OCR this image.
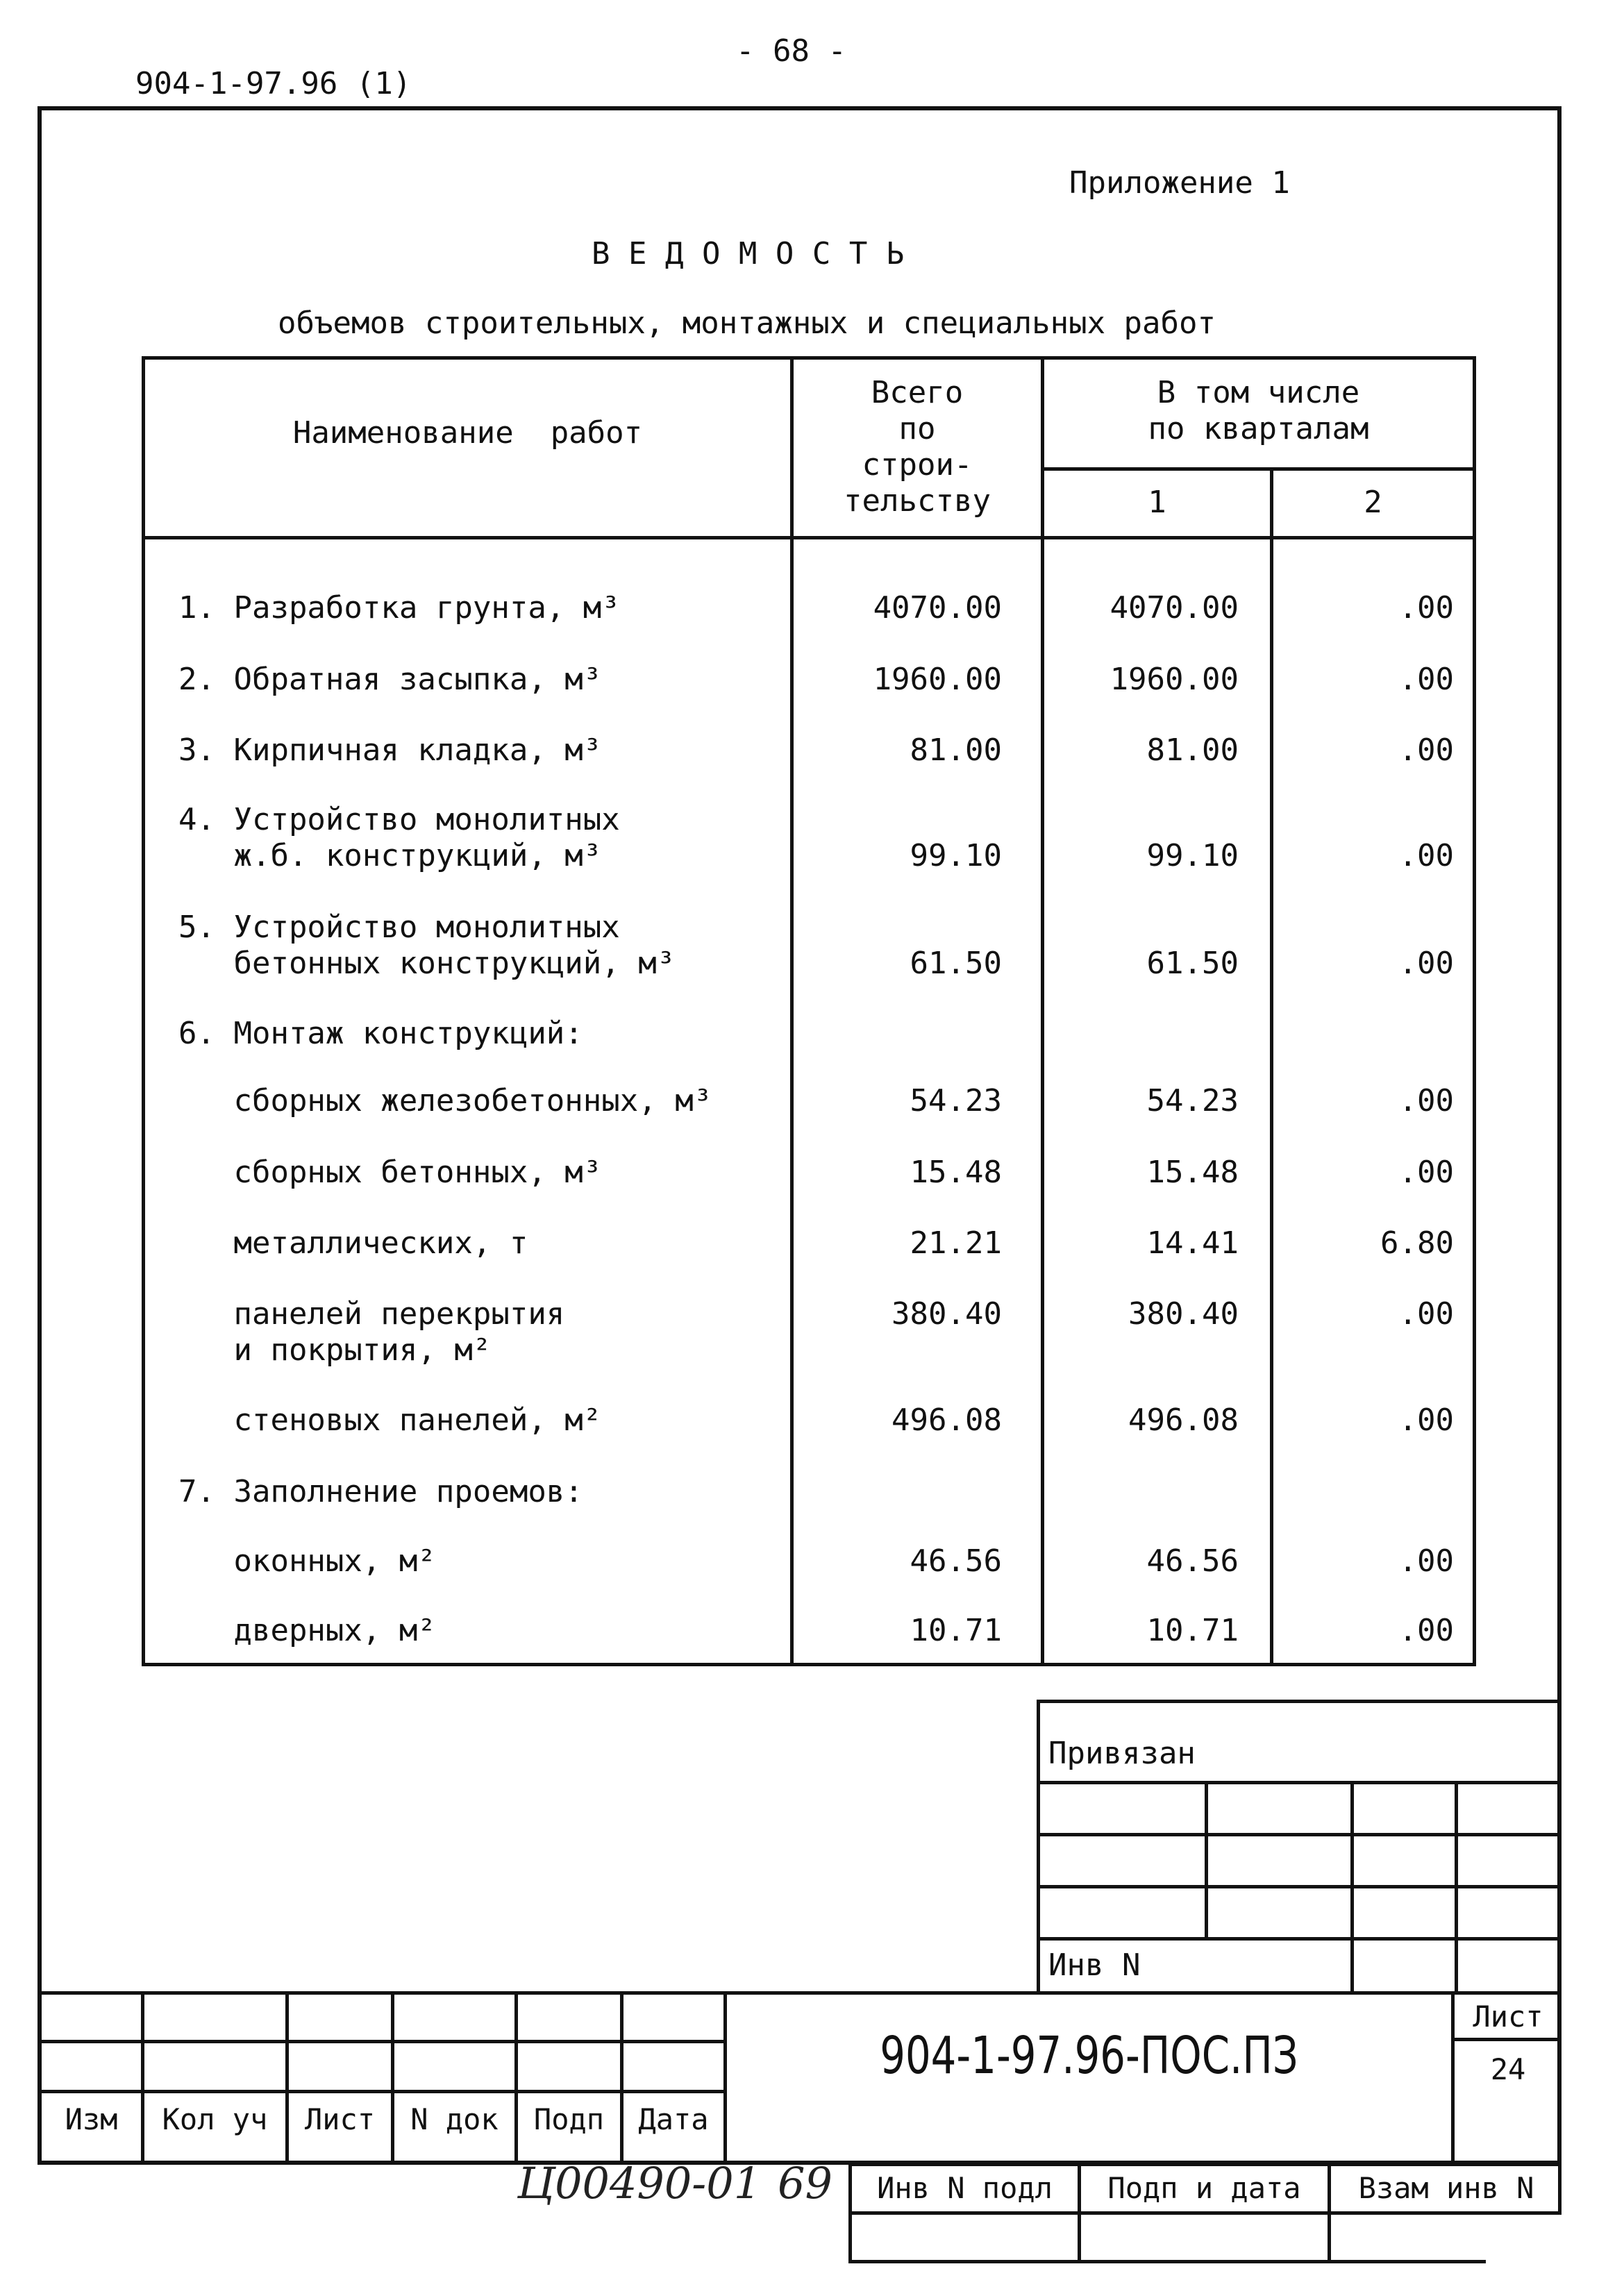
- 68 -
904-1-97.96 (1)
Приложение 1
В Е Д О М О С Т Ь
объемов строительных, монтажных и специальных работ
Наименование  работ
Всего
по
строи-
тельству
В том числе
по кварталам
1	2
1. Разработка грунта, м³	4070.00	4070.00	.00
2. Обратная засыпка, м³	1960.00	1960.00	.00
3. Кирпичная кладка, м³	81.00	81.00	.00
4. Устройство монолитных
ж.б. конструкций, м³	99.10	99.10	.00
5. Устройство монолитных
бетонных конструкций, м³	61.50	61.50	.00
6. Монтаж конструкций:
сборных железобетонных, м³	54.23	54.23	.00
сборных бетонных, м³	15.48	15.48	.00
металлических, т	21.21	14.41	6.80
панелей перекрытия
и покрытия, м²
380.40	380.40	.00
стеновых панелей, м²	496.08	496.08	.00
7. Заполнение проемов:
оконных, м²	46.56	46.56	.00
дверных, м²	10.71	10.71	.00
Привязан
Инв N
Изм	Кол уч	Лист	N док	Подп	Дата
904-1-97.96-ПОС.ПЗ
Лист
24
Инв N подл	Подп и дата	Взам инв N
Ц00490-01 69
